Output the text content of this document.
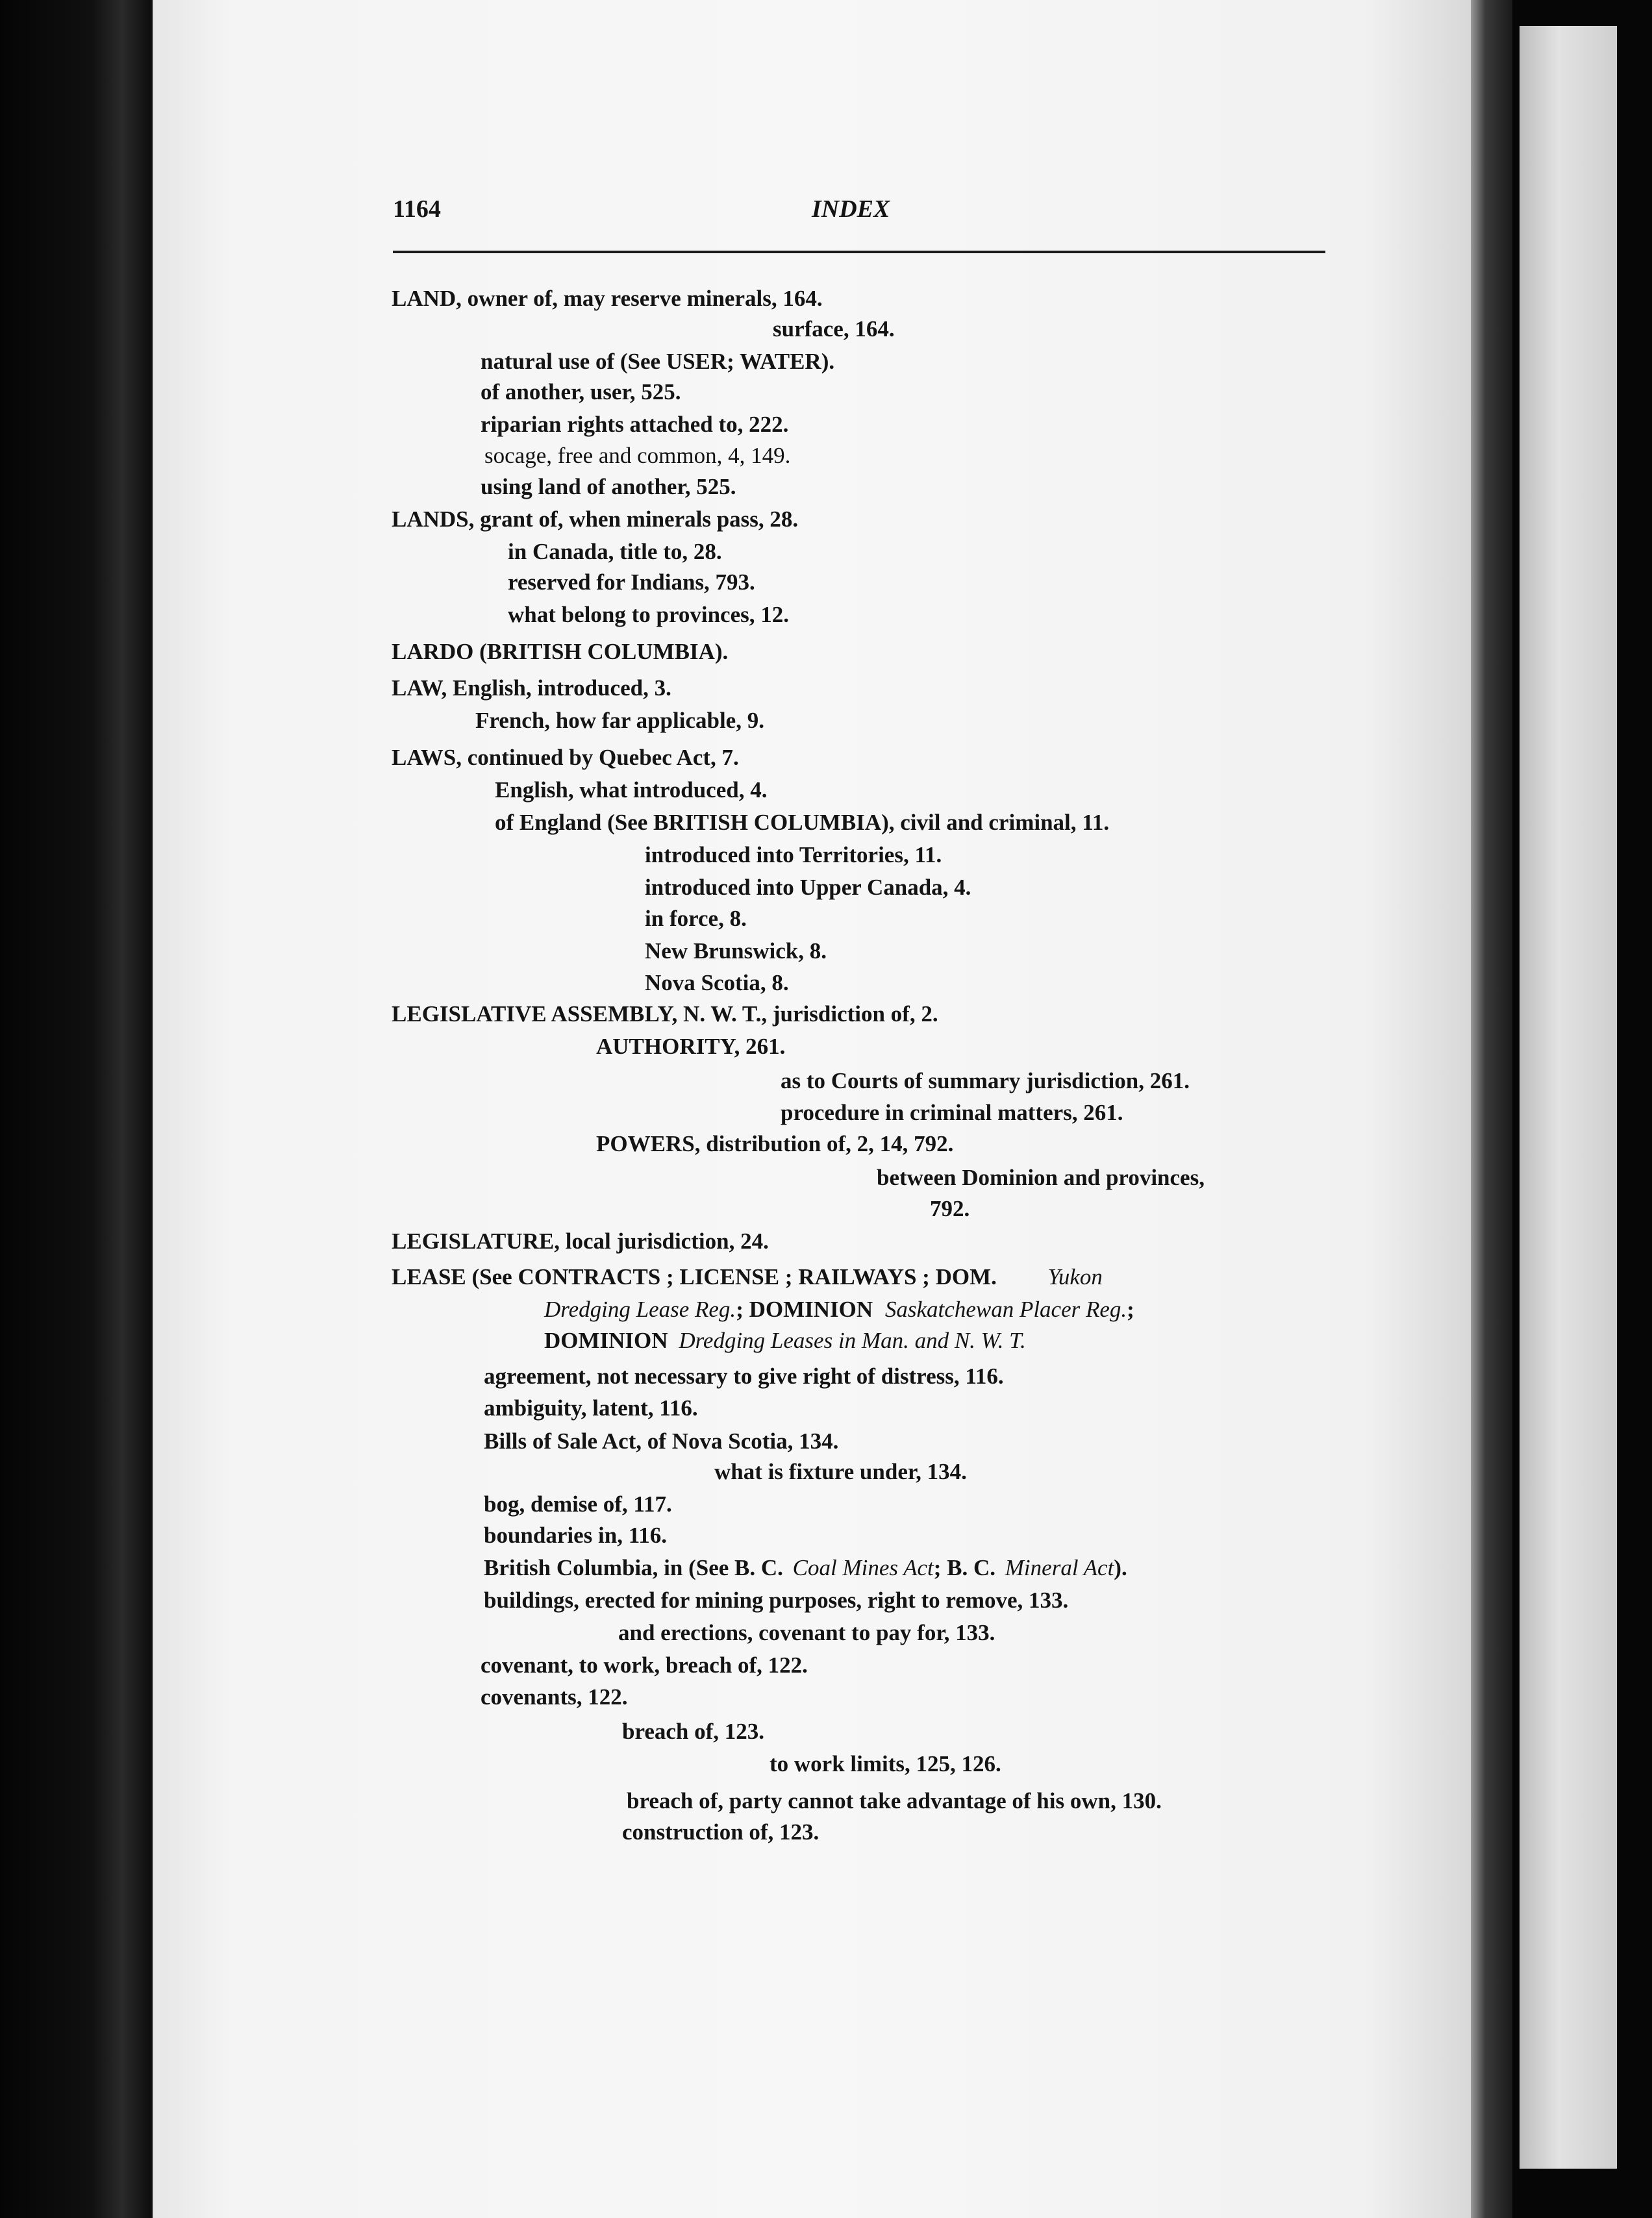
1164	INDEX
LAND, owner of, may reserve minerals, 164.
surface, 164.
natural use of (See USER; WATER).
of another, user, 525.
riparian rights attached to, 222.
socage, free and common, 4, 149.
using land of another, 525.
LANDS, grant of, when minerals pass, 28.
in Canada, title to, 28.
reserved for Indians, 793.
what belong to provinces, 12.
LARDO (BRITISH COLUMBIA).
LAW, English, introduced, 3.
French, how far applicable, 9.
LAWS, continued by Quebec Act, 7.
English, what introduced, 4.
of England (See BRITISH COLUMBIA), civil and criminal, 11.
introduced into Territories, 11.
introduced into Upper Canada, 4.
in force, 8.
New Brunswick, 8.
Nova Scotia, 8.
LEGISLATIVE ASSEMBLY, N. W. T., jurisdiction of, 2.
AUTHORITY, 261.
as to Courts of summary jurisdiction, 261.
procedure in criminal matters, 261.
POWERS, distribution of, 2, 14, 792.
between Dominion and provinces,
792.
LEGISLATURE, local jurisdiction, 24.
LEASE (See CONTRACTS ; LICENSE ; RAILWAYS ; DOM. Yukon
Dredging Lease Reg.; DOMINION Saskatchewan Placer Reg.;
DOMINION Dredging Leases in Man. and N. W. T.
agreement, not necessary to give right of distress, 116.
ambiguity, latent, 116.
Bills of Sale Act, of Nova Scotia, 134.
what is fixture under, 134.
bog, demise of, 117.
boundaries in, 116.
British Columbia, in (See B. C. Coal Mines Act; B. C. Mineral Act).
buildings, erected for mining purposes, right to remove, 133.
and erections, covenant to pay for, 133.
covenant, to work, breach of, 122.
covenants, 122.
breach of, 123.
to work limits, 125, 126.
breach of, party cannot take advantage of his own, 130.
construction of, 123.
